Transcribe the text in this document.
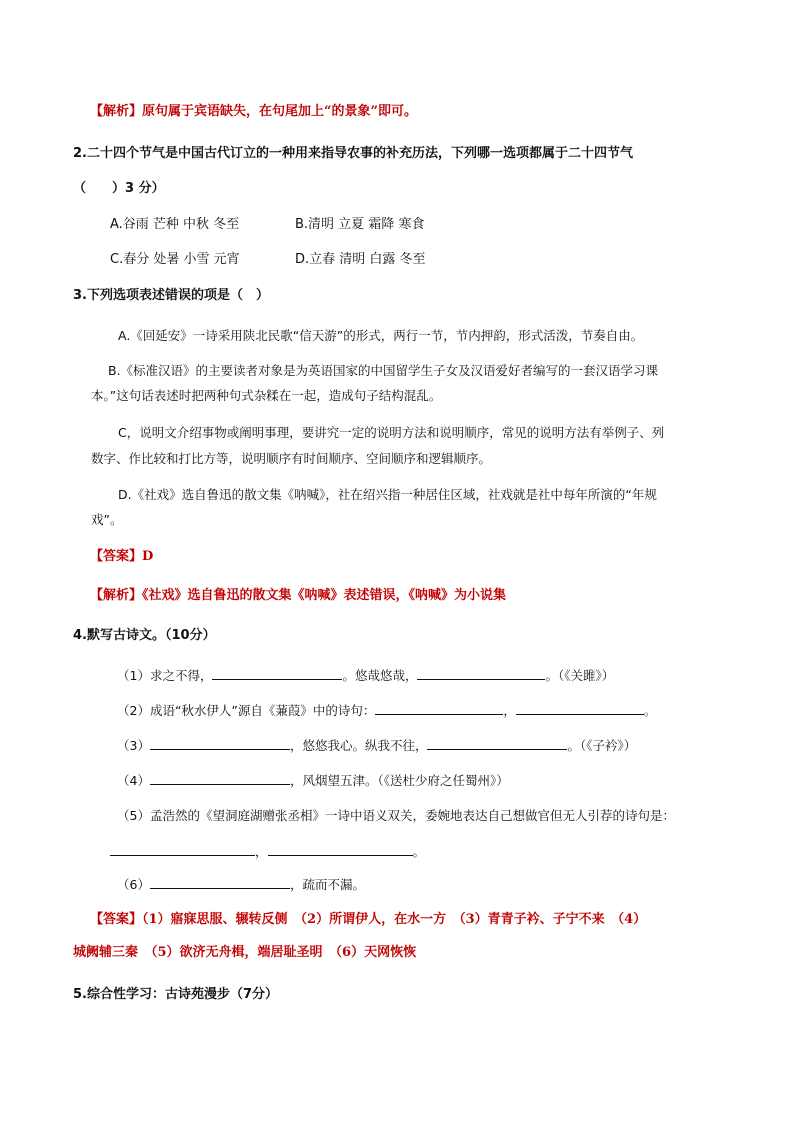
【解析】原句属于宾语缺失，在句尾加上“的景象”即可。
2.二十四个节气是中国古代订立的一种用来指导农事的补充历法，下列哪一选项都属于二十四节气
（　　）3 分）
A.谷雨 芒种 中秋 冬至	B.清明 立夏 霜降 寒食
C.春分 处暑 小雪 元宵	D.立春 清明 白露 冬至
3.下列选项表述错误的项是（　）
A.《回延安》一诗采用陕北民歌“信天游”的形式，两行一节，节内押韵，形式活泼，节奏自由。
B.《标准汉语》的主要读者对象是为英语国家的中国留学生子女及汉语爱好者编写的一套汉语学习课
本。”这句话表述时把两种句式杂糅在一起，造成句子结构混乱。
C，说明文介绍事物或阐明事理，要讲究一定的说明方法和说明顺序，常见的说明方法有举例子、列
数字、作比较和打比方等，说明顺序有时间顺序、空间顺序和逻辑顺序。
D.《社戏》选自鲁迅的散文集《呐喊》，社在绍兴指一种居住区域，社戏就是社中每年所演的“年规
戏”。
【答案】D
【解析】《社戏》选自鲁迅的散文集《呐喊》表述错误，《呐喊》为小说集
4.默写古诗文。（10分）
（1）求之不得，	。悠哉悠哉，	。（《关雎》）
（2）成语“秋水伊人”源自《蒹葭》中的诗句：	，	。
（3）	，悠悠我心。纵我不往，	。（《子衿》）
（4）	，风烟望五津。（《送杜少府之任蜀州》）
（5）孟浩然的《望洞庭湖赠张丞相》一诗中语义双关，委婉地表达自己想做官但无人引荐的诗句是：
，	。
（6）	，疏而不漏。
【答案】（1）寤寐思服、辗转反侧　（2）所谓伊人，在水一方　（3）青青子衿、子宁不来　（4）
城阙辅三秦　（5）欲济无舟楫，端居耻圣明　（6）天网恢恢
5.综合性学习：古诗苑漫步（7分）
